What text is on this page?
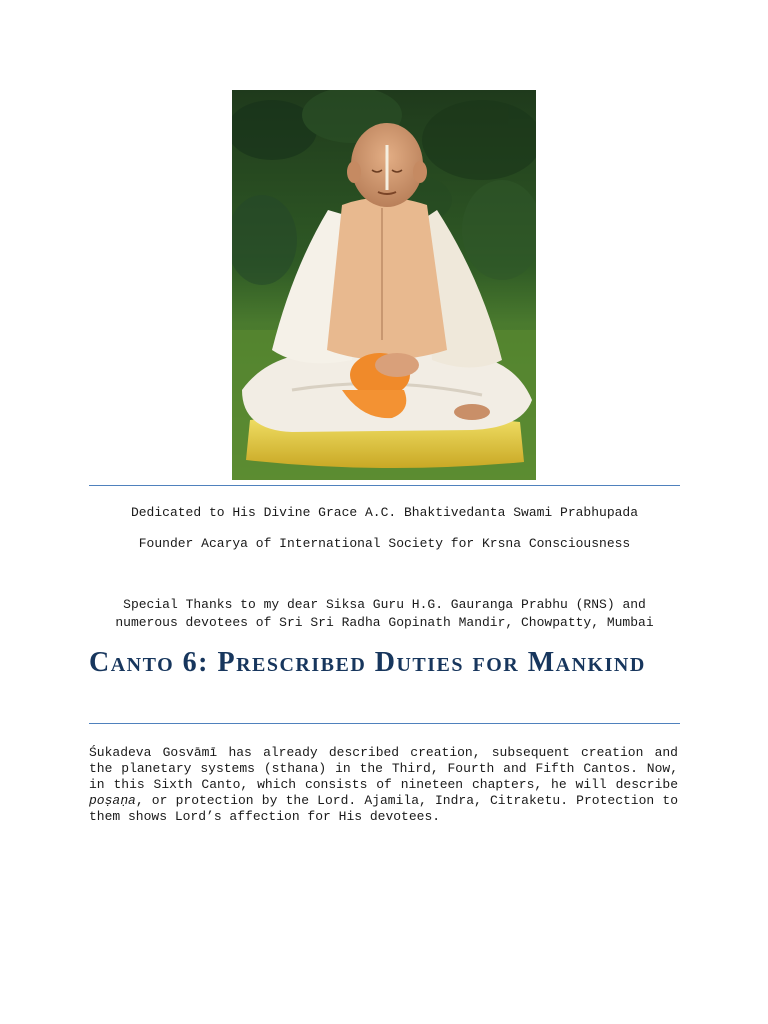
Dedicated to His Divine Grace A.C. Bhaktivedanta Swami Prabhupada
Founder Acarya of International Society for Krsna Consciousness
Special Thanks to my dear Siksa Guru H.G. Gauranga Prabhu (RNS) and
numerous devotees of Sri Sri Radha Gopinath Mandir, Chowpatty, Mumbai
Canto 6: Prescribed Duties for Mankind

Śukadeva Gosvāmī has already described creation, subsequent creation and the planetary systems (sthana) in the Third, Fourth and Fifth Cantos. Now, in this Sixth Canto, which consists of nineteen chapters, he will describe poṣaṇa, or protection by the Lord. Ajamila, Indra, Citraketu. Protection to them shows Lord’s affection for His devotees.
